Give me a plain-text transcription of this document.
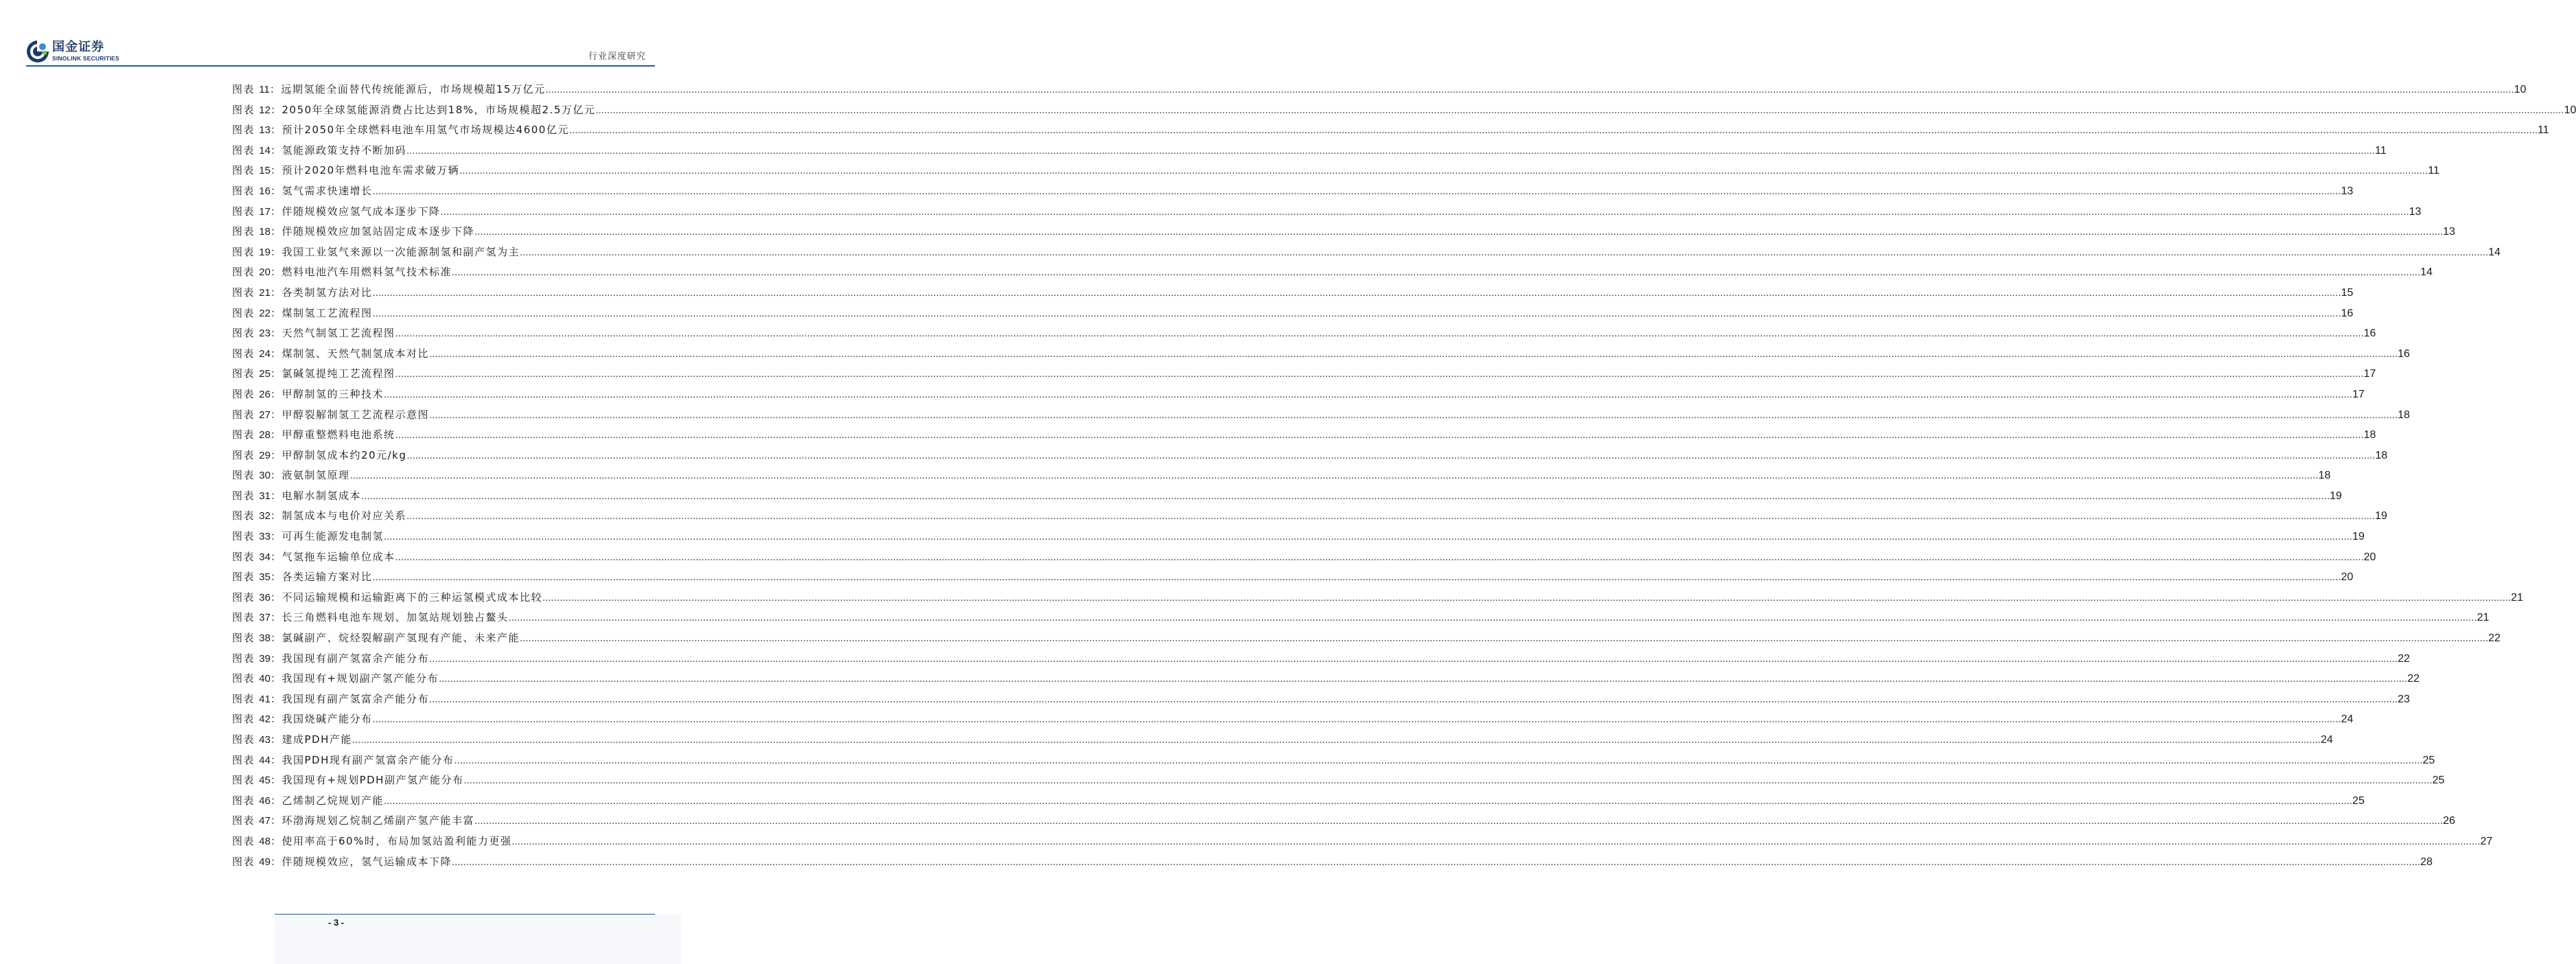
国金证券
SINOLINK SECURITIES	行业深度研究
图表 11： 远期氢能全面替代传统能源后，市场规模超15万亿元 .....	10
图表 12： 2050年全球氢能源消费占比达到18%，市场规模超2.5万亿元 .....	10
图表 13： 预计2050年全球燃料电池车用氢气市场规模达4600亿元 .....	11
图表 14： 氢能源政策支持不断加码 .....	11
图表 15： 预计2020年燃料电池车需求破万辆 .....	11
图表 16： 氢气需求快速增长 .....	13
图表 17： 伴随规模效应氢气成本逐步下降 .....	13
图表 18： 伴随规模效应加氢站固定成本逐步下降 .....	13
图表 19： 我国工业氢气来源以一次能源制氢和副产氢为主 .....	14
图表 20： 燃料电池汽车用燃料氢气技术标准 .....	14
图表 21： 各类制氢方法对比 .....	15
图表 22： 煤制氢工艺流程图 .....	16
图表 23： 天然气制氢工艺流程图 .....	16
图表 24： 煤制氢、天然气制氢成本对比 .....	16
图表 25： 氯碱氢提纯工艺流程图 .....	17
图表 26： 甲醇制氢的三种技术 .....	17
图表 27： 甲醇裂解制氢工艺流程示意图 .....	18
图表 28： 甲醇重整燃料电池系统 .....	18
图表 29： 甲醇制氢成本约20元/kg .....	18
图表 30： 液氨制氢原理 .....	18
图表 31： 电解水制氢成本 .....	19
图表 32： 制氢成本与电价对应关系 .....	19
图表 33： 可再生能源发电制氢 .....	19
图表 34： 气氢拖车运输单位成本 .....	20
图表 35： 各类运输方案对比 .....	20
图表 36： 不同运输规模和运输距离下的三种运氢模式成本比较 .....	21
图表 37： 长三角燃料电池车规划、加氢站规划独占鳌头 .....	21
图表 38： 氯碱副产、烷烃裂解副产氢现有产能、未来产能 .....	22
图表 39： 我国现有副产氢富余产能分布 .....	22
图表 40： 我国现有+规划副产氢产能分布 .....	22
图表 41： 我国现有副产氢富余产能分布 .....	23
图表 42： 我国烧碱产能分布 .....	24
图表 43： 建成PDH产能 .....	24
图表 44： 我国PDH现有副产氢富余产能分布 .....	25
图表 45： 我国现有+规划PDH副产氢产能分布 .....	25
图表 46： 乙烯制乙烷规划产能 .....	25
图表 47： 环渤海规划乙烷制乙烯副产氢产能丰富 .....	26
图表 48： 使用率高于60%时，布局加氢站盈利能力更强 .....	27
图表 49： 伴随规模效应，氢气运输成本下降 .....	28
- 3 -
